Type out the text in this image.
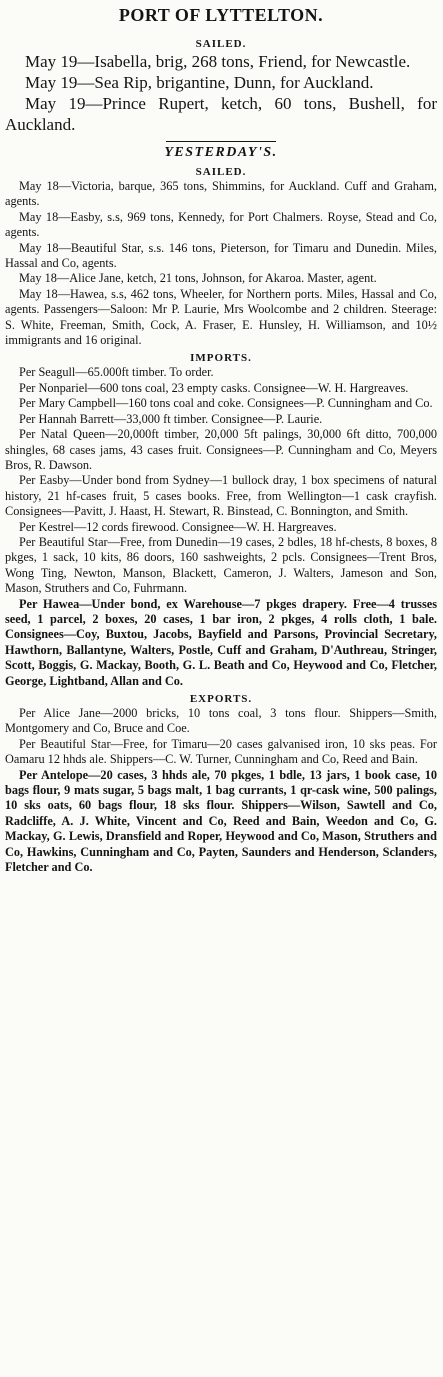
PORT OF LYTTELTON.
SAILED.

May 19—Isabella, brig, 268 tons, Friend, for Newcastle.

May 19—Sea Rip, brigantine, Dunn, for Auckland.

May 19—Prince Rupert, ketch, 60 tons, Bushell, for Auckland.

YESTERDAY'S.
SAILED.

May 18—Victoria, barque, 365 tons, Shimmins, for Auckland. Cuff and Graham, agents.

May 18—Easby, s.s, 969 tons, Kennedy, for Port Chalmers. Royse, Stead and Co, agents.

May 18—Beautiful Star, s.s. 146 tons, Pieterson, for Timaru and Dunedin. Miles, Hassal and Co, agents.

May 18—Alice Jane, ketch, 21 tons, Johnson, for Akaroa. Master, agent.

May 18—Hawea, s.s, 462 tons, Wheeler, for Northern ports. Miles, Hassal and Co, agents. Passengers—Saloon: Mr P. Laurie, Mrs Woolcombe and 2 children. Steerage: S. White, Freeman, Smith, Cock, A. Fraser, E. Hunsley, H. Williamson, and 10½ immigrants and 16 original.

IMPORTS.

Per Seagull—65.000ft timber. To order.

Per Nonpariel—600 tons coal, 23 empty casks. Consignee—W. H. Hargreaves.

Per Mary Campbell—160 tons coal and coke. Consignees—P. Cunningham and Co.

Per Hannah Barrett—33,000 ft timber. Consignee—P. Laurie.

Per Natal Queen—20,000ft timber, 20,000 5ft palings, 30,000 6ft ditto, 700,000 shingles, 68 cases jams, 43 cases fruit. Consignees—P. Cunningham and Co, Meyers Bros, R. Dawson.

Per Easby—Under bond from Sydney—1 bullock dray, 1 box specimens of natural history, 21 hf-cases fruit, 5 cases books. Free, from Wellington—1 cask crayfish. Consignees—Pavitt, J. Haast, H. Stewart, R. Binstead, C. Bonnington, and Smith.

Per Kestrel—12 cords firewood. Consignee—W. H. Hargreaves.

Per Beautiful Star—Free, from Dunedin—19 cases, 2 bdles, 18 hf-chests, 8 boxes, 8 pkges, 1 sack, 10 kits, 86 doors, 160 sashweights, 2 pcls. Consignees—Trent Bros, Wong Ting, Newton, Manson, Blackett, Cameron, J. Walters, Jameson and Son, Mason, Struthers and Co, Fuhrmann.

Per Hawea—Under bond, ex Warehouse—7 pkges drapery. Free—4 trusses seed, 1 parcel, 2 boxes, 20 cases, 1 bar iron, 2 pkges, 4 rolls cloth, 1 bale. Consignees—Coy, Buxtou, Jacobs, Bayfield and Parsons, Provincial Secretary, Hawthorn, Ballantyne, Walters, Postle, Cuff and Graham, D'Authreau, Stringer, Scott, Boggis, G. Mackay, Booth, G. L. Beath and Co, Heywood and Co, Fletcher, George, Lightband, Allan and Co.

EXPORTS.

Per Alice Jane—2000 bricks, 10 tons coal, 3 tons flour. Shippers—Smith, Montgomery and Co, Bruce and Coe.

Per Beautiful Star—Free, for Timaru—20 cases galvanised iron, 10 sks peas. For Oamaru 12 hhds ale. Shippers—C. W. Turner, Cunningham and Co, Reed and Bain.

Per Antelope—20 cases, 3 hhds ale, 70 pkges, 1 bdle, 13 jars, 1 book case, 10 bags flour, 9 mats sugar, 5 bags malt, 1 bag currants, 1 qr-cask wine, 500 palings, 10 sks oats, 60 bags flour, 18 sks flour. Shippers—Wilson, Sawtell and Co, Radcliffe, A. J. White, Vincent and Co, Reed and Bain, Weedon and Co, G. Mackay, G. Lewis, Dransfield and Roper, Heywood and Co, Mason, Struthers and Co, Hawkins, Cunningham and Co, Payten, Saunders and Henderson, Sclanders, Fletcher and Co.
